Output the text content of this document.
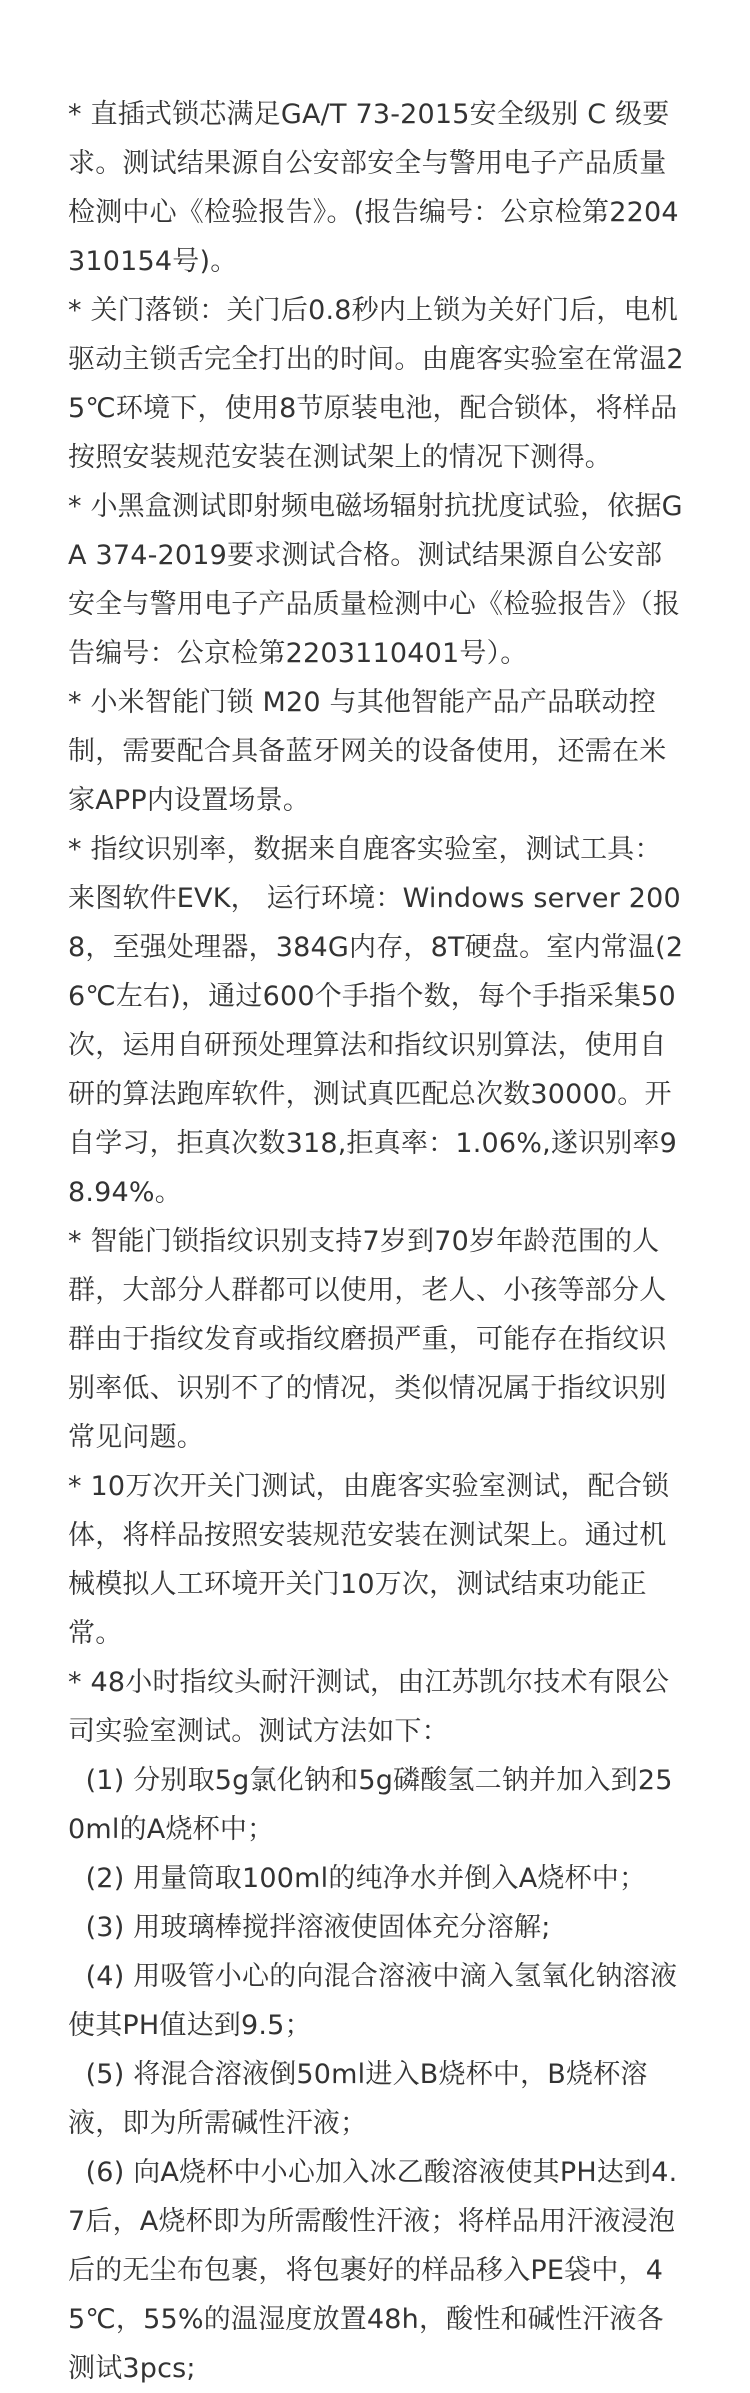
* 直插式锁芯满足GA/T 73-2015安全级别 C 级要求。测试结果源自公安部安全与警用电子产品质量检测中心《检验报告》。(报告编号：公京检第2204310154号)。

* 关门落锁：关门后0.8秒内上锁为关好门后，电机驱动主锁舌完全打出的时间。由鹿客实验室在常温25℃环境下，使用8节原装电池，配合锁体，将样品按照安装规范安装在测试架上的情况下测得。

* 小黑盒测试即射频电磁场辐射抗扰度试验，依据GA 374-2019要求测试合格。测试结果源自公安部安全与警用电子产品质量检测中心《检验报告》（报告编号：公京检第2203110401号）。

* 小米智能门锁 M20 与其他智能产品产品联动控制，需要配合具备蓝牙网关的设备使用，还需在米家APP内设置场景。

* 指纹识别率，数据来自鹿客实验室，测试工具：来图软件EVK， 运行环境：Windows server 2008，至强处理器，384G内存，8T硬盘。室内常温(26℃左右)，通过600个手指个数，每个手指采集50次，运用自研预处理算法和指纹识别算法，使用自研的算法跑库软件，测试真匹配总次数30000。开自学习，拒真次数318,拒真率：1.06%,遂识别率98.94%。

* 智能门锁指纹识别支持7岁到70岁年龄范围的人群，大部分人群都可以使用，老人、小孩等部分人群由于指纹发育或指纹磨损严重，可能存在指纹识别率低、识别不了的情况，类似情况属于指纹识别常见问题。

* 10万次开关门测试，由鹿客实验室测试，配合锁体，将样品按照安装规范安装在测试架上。通过机械模拟人工环境开关门10万次，测试结束功能正常。

* 48小时指纹头耐汗测试，由江苏凯尔技术有限公司实验室测试。测试方法如下：

(1) 分别取5g氯化钠和5g磷酸氢二钠并加入到250ml的A烧杯中；

(2) 用量筒取100ml的纯净水并倒入A烧杯中；

(3) 用玻璃棒搅拌溶液使固体充分溶解;

(4) 用吸管小心的向混合溶液中滴入氢氧化钠溶液使其PH值达到9.5；

(5) 将混合溶液倒50ml进入B烧杯中，B烧杯溶液，即为所需碱性汗液；

(6) 向A烧杯中小心加入冰乙酸溶液使其PH达到4.7后，A烧杯即为所需酸性汗液；将样品用汗液浸泡后的无尘布包裹，将包裹好的样品移入PE袋中，45℃，55%的温湿度放置48h，酸性和碱性汗液各测试3pcs;
